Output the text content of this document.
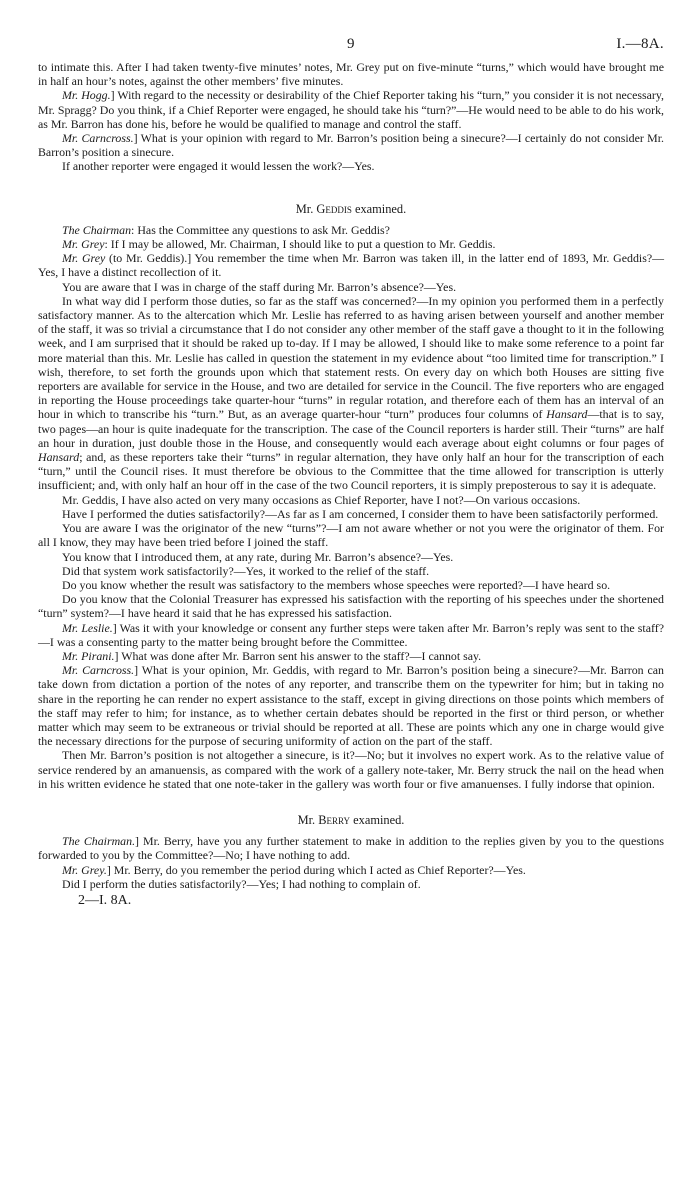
9	I.—8A.

to intimate this. After I had taken twenty-five minutes’ notes, Mr. Grey put on five-minute “turns,” which would have brought me in half an hour’s notes, against the other members’ five minutes.

Mr. Hogg.] With regard to the necessity or desirability of the Chief Reporter taking his “turn,” you consider it is not necessary, Mr. Spragg? Do you think, if a Chief Reporter were engaged, he should take his “turn?”—He would need to be able to do his work, as Mr. Barron has done his, before he would be qualified to manage and control the staff.

Mr. Carncross.] What is your opinion with regard to Mr. Barron’s position being a sinecure?—I certainly do not consider Mr. Barron’s position a sinecure.

If another reporter were engaged it would lessen the work?—Yes.

Mr. Geddis examined.

The Chairman: Has the Committee any questions to ask Mr. Geddis?

Mr. Grey: If I may be allowed, Mr. Chairman, I should like to put a question to Mr. Geddis.

Mr. Grey (to Mr. Geddis).] You remember the time when Mr. Barron was taken ill, in the latter end of 1893, Mr. Geddis?—Yes, I have a distinct recollection of it.

You are aware that I was in charge of the staff during Mr. Barron’s absence?—Yes.

In what way did I perform those duties, so far as the staff was concerned?—In my opinion you performed them in a perfectly satisfactory manner. As to the altercation which Mr. Leslie has referred to as having arisen between yourself and another member of the staff, it was so trivial a circumstance that I do not consider any other member of the staff gave a thought to it in the following week, and I am surprised that it should be raked up to-day. If I may be allowed, I should like to make some reference to a point far more material than this. Mr. Leslie has called in question the statement in my evidence about “too limited time for transcription.” I wish, therefore, to set forth the grounds upon which that statement rests. On every day on which both Houses are sitting five reporters are available for service in the House, and two are detailed for service in the Council. The five reporters who are engaged in reporting the House proceedings take quarter-hour “turns” in regular rotation, and therefore each of them has an interval of an hour in which to transcribe his “turn.” But, as an average quarter-hour “turn” produces four columns of Hansard—that is to say, two pages—an hour is quite inadequate for the transcription. The case of the Council reporters is harder still. Their “turns” are half an hour in duration, just double those in the House, and consequently would each average about eight columns or four pages of Hansard; and, as these reporters take their “turns” in regular alternation, they have only half an hour for the transcription of each “turn,” until the Council rises. It must therefore be obvious to the Committee that the time allowed for transcription is utterly insufficient; and, with only half an hour off in the case of the two Council reporters, it is simply preposterous to say it is adequate.

Mr. Geddis, I have also acted on very many occasions as Chief Reporter, have I not?—On various occasions.

Have I performed the duties satisfactorily?—As far as I am concerned, I consider them to have been satisfactorily performed.

You are aware I was the originator of the new “turns”?—I am not aware whether or not you were the originator of them. For all I know, they may have been tried before I joined the staff.

You know that I introduced them, at any rate, during Mr. Barron’s absence?—Yes.

Did that system work satisfactorily?—Yes, it worked to the relief of the staff.

Do you know whether the result was satisfactory to the members whose speeches were reported?—I have heard so.

Do you know that the Colonial Treasurer has expressed his satisfaction with the reporting of his speeches under the shortened “turn” system?—I have heard it said that he has expressed his satisfaction.

Mr. Leslie.] Was it with your knowledge or consent any further steps were taken after Mr. Barron’s reply was sent to the staff?—I was a consenting party to the matter being brought before the Committee.

Mr. Pirani.] What was done after Mr. Barron sent his answer to the staff?—I cannot say.

Mr. Carncross.] What is your opinion, Mr. Geddis, with regard to Mr. Barron’s position being a sinecure?—Mr. Barron can take down from dictation a portion of the notes of any reporter, and transcribe them on the typewriter for him; but in taking no share in the reporting he can render no expert assistance to the staff, except in giving directions on those points which members of the staff may refer to him; for instance, as to whether certain debates should be reported in the first or third person, or whether matter which may seem to be extraneous or trivial should be reported at all. These are points which any one in charge would give the necessary directions for the purpose of securing uniformity of action on the part of the staff.

Then Mr. Barron’s position is not altogether a sinecure, is it?—No; but it involves no expert work. As to the relative value of service rendered by an amanuensis, as compared with the work of a gallery note-taker, Mr. Berry struck the nail on the head when in his written evidence he stated that one note-taker in the gallery was worth four or five amanuenses. I fully indorse that opinion.

Mr. Berry examined.

The Chairman.] Mr. Berry, have you any further statement to make in addition to the replies given by you to the questions forwarded to you by the Committee?—No; I have nothing to add.

Mr. Grey.] Mr. Berry, do you remember the period during which I acted as Chief Reporter?—Yes.

Did I perform the duties satisfactorily?—Yes; I had nothing to complain of.

2—I. 8A.
